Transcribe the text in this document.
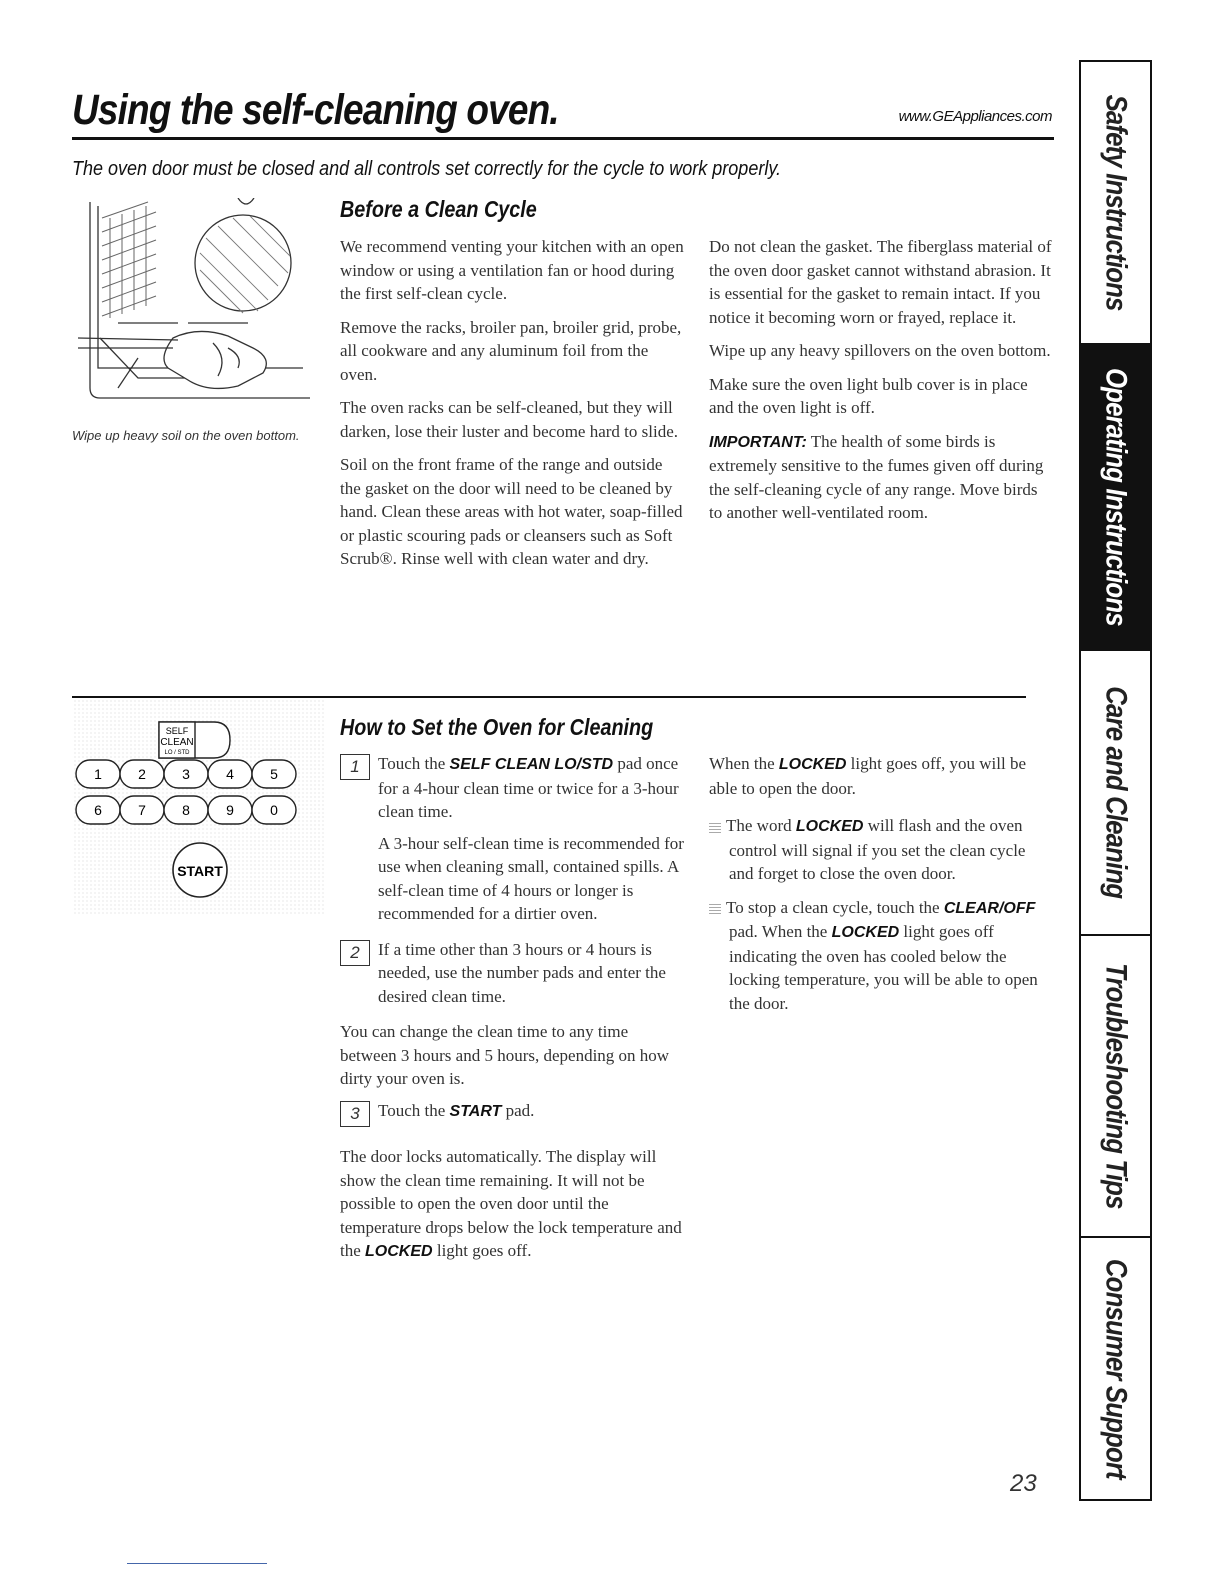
Using the self-cleaning oven.	www.GEAppliances.com
The oven door must be closed and all controls set correctly for the cycle to work properly.
Wipe up heavy soil on the oven bottom.
Before a Clean Cycle

We recommend venting your kitchen with an open window or using a ventilation fan or hood during the first self-clean cycle.

Remove the racks, broiler pan, broiler grid, probe, all cookware and any aluminum foil from the oven.

The oven racks can be self-cleaned, but they will darken, lose their luster and become hard to slide.

Soil on the front frame of the range and outside the gasket on the door will need to be cleaned by hand. Clean these areas with hot water, soap-filled or plastic scouring pads or cleansers such as Soft Scrub®. Rinse well with clean water and dry.

Do not clean the gasket. The fiberglass material of the oven door gasket cannot withstand abrasion. It is essential for the gasket to remain intact. If you notice it becoming worn or frayed, replace it.

Wipe up any heavy spillovers on the oven bottom.

Make sure the oven light bulb cover is in place and the oven light is off.

IMPORTANT: The health of some birds is extremely sensitive to the fumes given off during the self-cleaning cycle of any range. Move birds to another well-ventilated room.

SELF
CLEAN
LO / STD
1	2	3	4	5
6	7	8	9	0
START
How to Set the Oven for Cleaning
1	Touch the SELF CLEAN LO/STD pad once for a 4-hour clean time or twice for a 3-hour clean time.

A 3-hour self-clean time is recommended for use when cleaning small, contained spills. A self-clean time of 4 hours or longer is recommended for a dirtier oven.

2	If a time other than 3 hours or 4 hours is needed, use the number pads and enter the desired clean time.

You can change the clean time to any time between 3 hours and 5 hours, depending on how dirty your oven is.

3	Touch the START pad.

The door locks automatically. The display will show the clean time remaining. It will not be possible to open the oven door until the temperature drops below the lock temperature and the LOCKED light goes off.

When the LOCKED light goes off, you will be able to open the door.

The word LOCKED will flash and the oven control will signal if you set the clean cycle and forget to close the oven door.

To stop a clean cycle, touch the CLEAR/OFF pad. When the LOCKED light goes off indicating the oven has cooled below the locking temperature, you will be able to open the door.

Safety Instructions
Operating Instructions
Care and Cleaning
Troubleshooting Tips
Consumer Support
23
